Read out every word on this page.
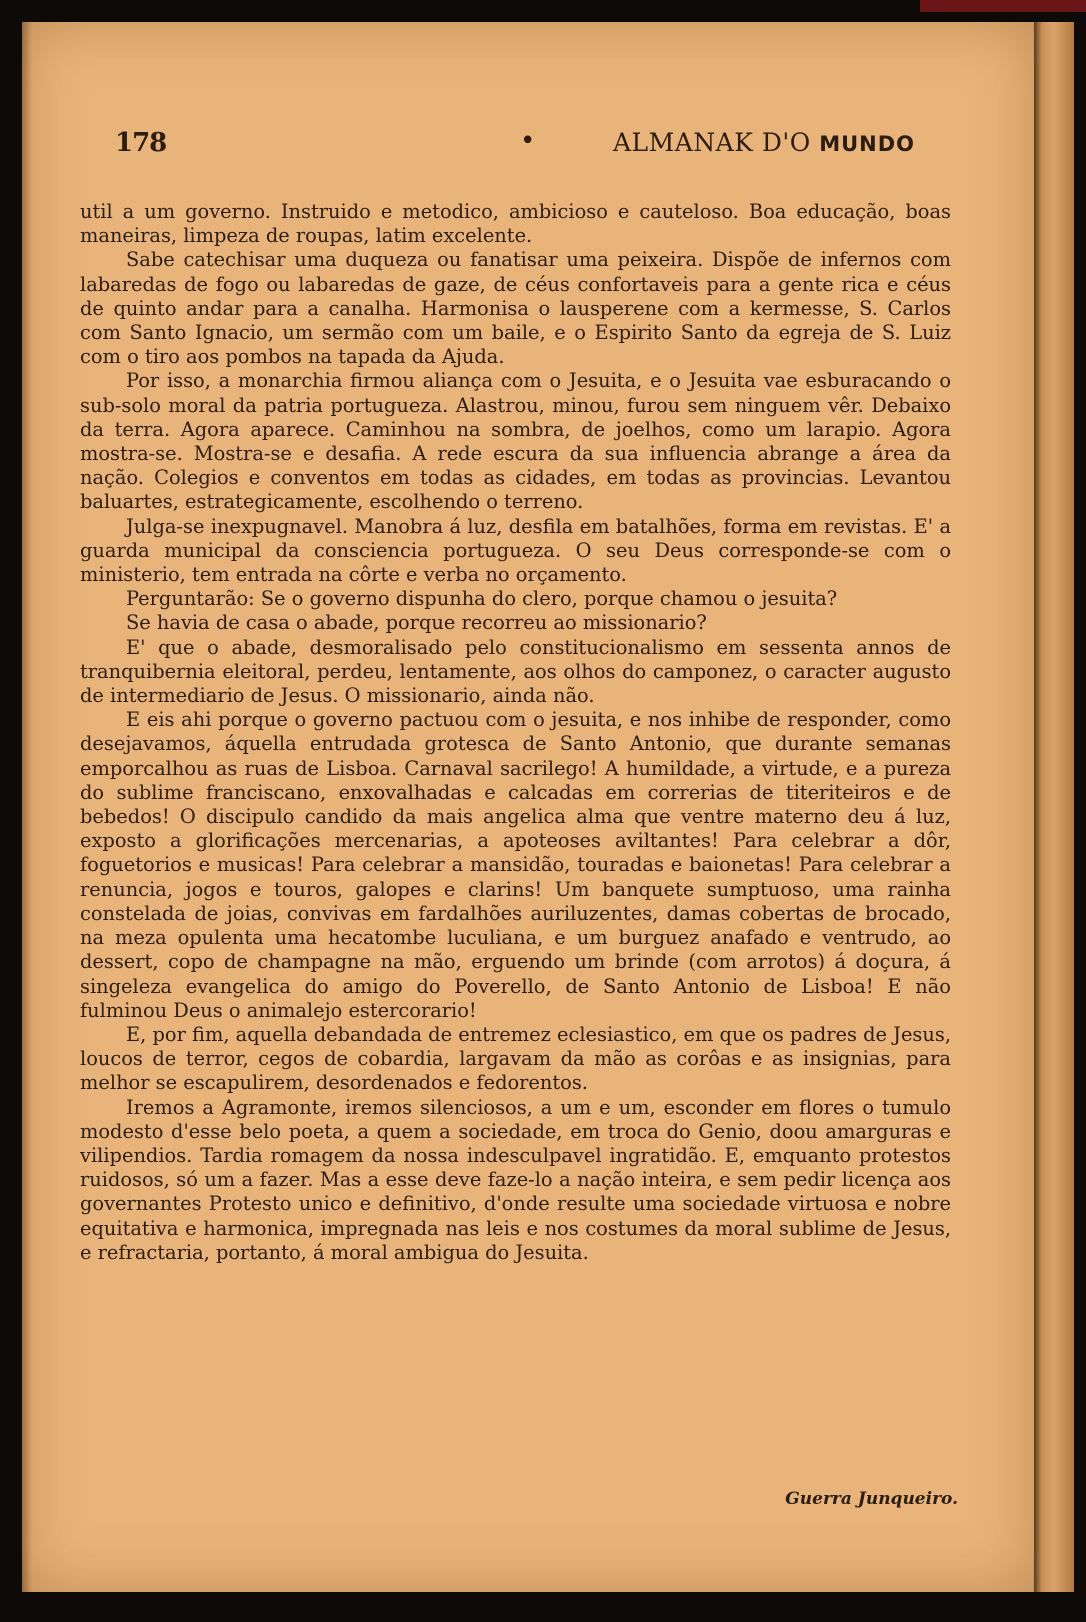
178	•	ALMANAK D'O MUNDO

util a um governo. Instruido e metodico, ambicioso e cauteloso. Boa educação, boas maneiras, limpeza de roupas, latim excelente.

Sabe catechisar uma duqueza ou fanatisar uma peixeira. Dispõe de infernos com labaredas de fogo ou labaredas de gaze, de céus confortaveis para a gente rica e céus de quinto andar para a canalha. Harmonisa o lausperene com a kermesse, S. Carlos com Santo Ignacio, um sermão com um baile, e o Espirito Santo da egreja de S. Luiz com o tiro aos pombos na tapada da Ajuda.

Por isso, a monarchia firmou aliança com o Jesuita, e o Jesuita vae esburacando o sub-solo moral da patria portugueza. Alastrou, minou, furou sem ninguem vêr. Debaixo da terra. Agora aparece. Caminhou na sombra, de joelhos, como um larapio. Agora mostra-se. Mostra-se e desafia. A rede escura da sua influencia abrange a área da nação. Colegios e conventos em todas as cidades, em todas as provincias. Levantou baluartes, estrategicamente, escolhendo o terreno.

Julga-se inexpugnavel. Manobra á luz, desfila em batalhões, forma em revistas. E' a guarda municipal da consciencia portugueza. O seu Deus corresponde-se com o ministerio, tem entrada na côrte e verba no orçamento.

Perguntarão: Se o governo dispunha do clero, porque chamou o jesuita?

Se havia de casa o abade, porque recorreu ao missionario?

E' que o abade, desmoralisado pelo constitucionalismo em sessenta annos de tranquibernia eleitoral, perdeu, lentamente, aos olhos do camponez, o caracter augusto de intermediario de Jesus. O missionario, ainda não.

E eis ahi porque o governo pactuou com o jesuita, e nos inhibe de responder, como desejavamos, áquella entrudada grotesca de Santo Antonio, que durante semanas emporcalhou as ruas de Lisboa. Carnaval sacrilego! A humildade, a virtude, e a pureza do sublime franciscano, enxovalhadas e calcadas em correrias de titeriteiros e de bebedos! O discipulo candido da mais angelica alma que ventre materno deu á luz, exposto a glorificações mercenarias, a apoteoses aviltantes! Para celebrar a dôr, foguetorios e musicas! Para celebrar a mansidão, touradas e baionetas! Para celebrar a renuncia, jogos e touros, galopes e clarins! Um banquete sumptuoso, uma rainha constelada de joias, convivas em fardalhões auriluzentes, damas cobertas de brocado, na meza opulenta uma hecatombe luculiana, e um burguez anafado e ventrudo, ao dessert, copo de champagne na mão, erguendo um brinde (com arrotos) á doçura, á singeleza evangelica do amigo do Poverello, de Santo Antonio de Lisboa! E não fulminou Deus o animalejo estercorario!

E, por fim, aquella debandada de entremez eclesiastico, em que os padres de Jesus, loucos de terror, cegos de cobardia, largavam da mão as corôas e as insignias, para melhor se escapulirem, desordenados e fedorentos.

Iremos a Agramonte, iremos silenciosos, a um e um, esconder em flores o tumulo modesto d'esse belo poeta, a quem a sociedade, em troca do Genio, doou amarguras e vilipendios. Tardia romagem da nossa indesculpavel ingratidão. E, emquanto protestos ruidosos, só um a fazer. Mas a esse deve faze-lo a nação inteira, e sem pedir licença aos governantes Protesto unico e definitivo, d'onde resulte uma sociedade virtuosa e nobre equitativa e harmonica, impregnada nas leis e nos costumes da moral sublime de Jesus, e refractaria, portanto, á moral ambigua do Jesuita.

Guerra Junqueiro.
